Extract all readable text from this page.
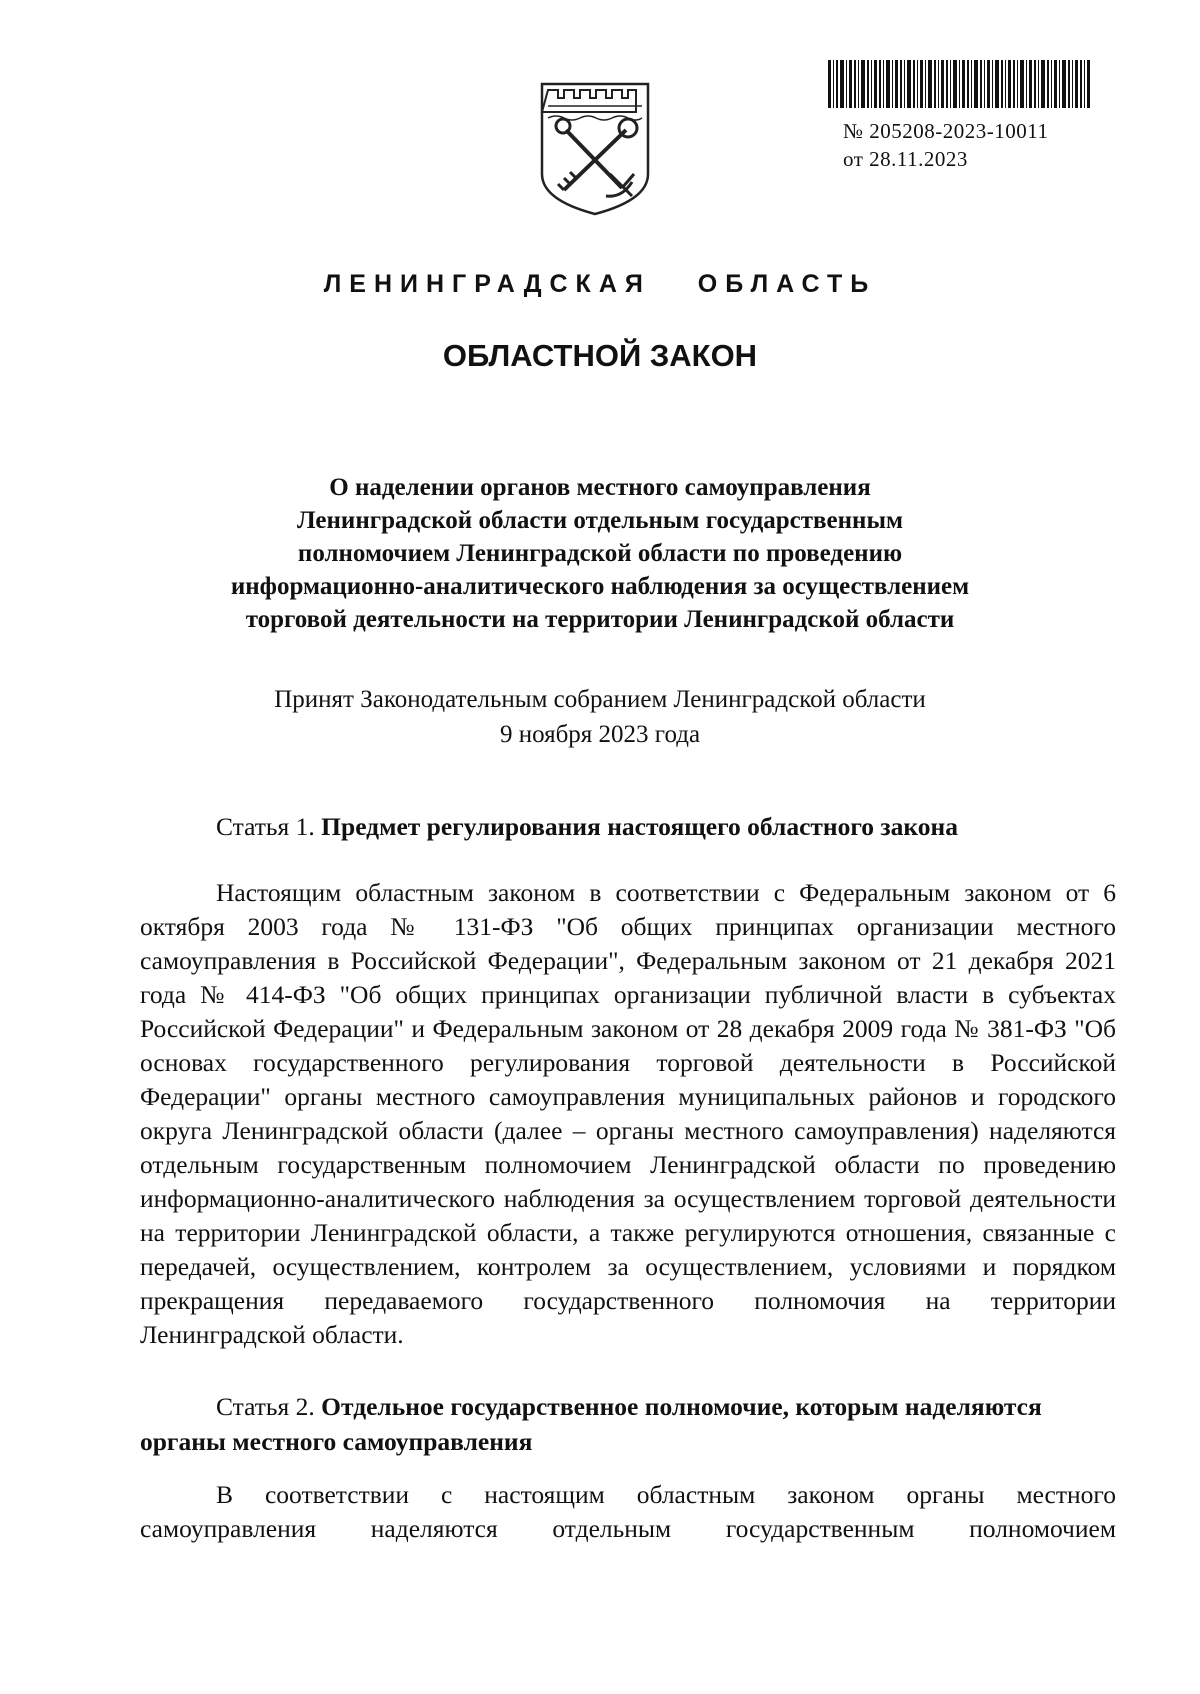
№ 205208-2023-10011
от 28.11.2023
ЛЕНИНГРАДСКАЯ ОБЛАСТЬ
ОБЛАСТНОЙ ЗАКОН
О наделении органов местного самоуправления
Ленинградской области отдельным государственным
полномочием Ленинградской области по проведению
информационно-аналитического наблюдения за осуществлением
торговой деятельности на территории Ленинградской области
Принят Законодательным собранием Ленинградской области
9 ноября 2023 года
Статья 1. Предмет регулирования настоящего областного закона
Настоящим областным законом в соответствии с Федеральным законом от 6 октября 2003 года № 131-ФЗ "Об общих принципах организации местного самоуправления в Российской Федерации", Федеральным законом от 21 декабря 2021 года № 414-ФЗ "Об общих принципах организации публичной власти в субъектах Российской Федерации" и Федеральным законом от 28 декабря 2009 года № 381-ФЗ "Об основах государственного регулирования торговой деятельности в Российской Федерации" органы местного самоуправления муниципальных районов и городского округа Ленинградской области (далее – органы местного самоуправления) наделяются отдельным государственным полномочием Ленинградской области по проведению информационно-аналитического наблюдения за осуществлением торговой деятельности на территории Ленинградской области, а также регулируются отношения, связанные с передачей, осуществлением, контролем за осуществлением, условиями и порядком прекращения передаваемого государственного полномочия на территории Ленинградской области.
Статья 2. Отдельное государственное полномочие, которым наделяются органы местного самоуправления
В соответствии с настоящим областным законом органы местного самоуправления наделяются отдельным государственным полномочием
